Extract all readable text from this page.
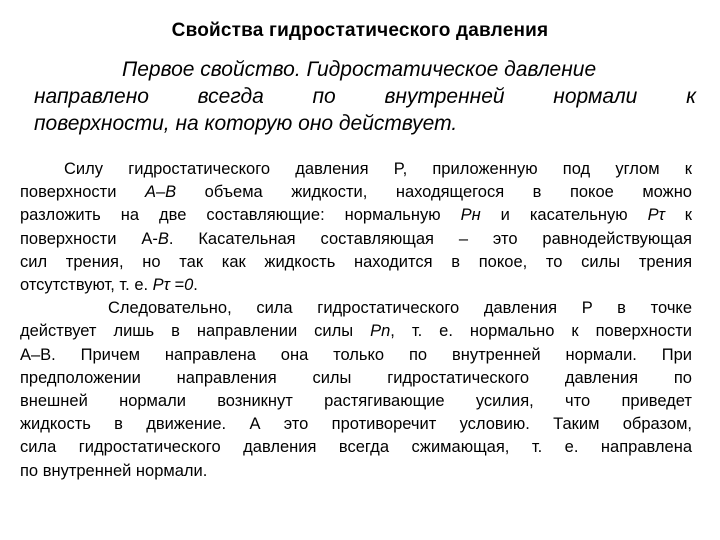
Свойства гидростатического давления
Первое свойство. Гидростатическое давление
направлено всегда по внутренней нормали к
поверхности, на которую оно действует.
Силу гидростатического давления P, приложенную под углом к
поверхности A–B объема жидкости, находящегося в покое можно
разложить на две составляющие: нормальную Pн и касательную Pτ к
поверхности А-В. Касательная составляющая – это равнодействующая
сил трения, но так как жидкость находится в покое, то силы трения
отсутствуют, т. е. Pτ =0.
Следовательно, сила гидростатического давления P в точке
действует лишь в направлении силы Pn, т. е. нормально к поверхности
А–В. Причем направлена она только по внутренней нормали. При
предположении направления силы гидростатического давления по
внешней нормали возникнут растягивающие усилия, что приведет
жидкость в движение. А это противоречит условию. Таким образом,
сила гидростатического давления всегда сжимающая, т. е. направлена
по внутренней нормали.
